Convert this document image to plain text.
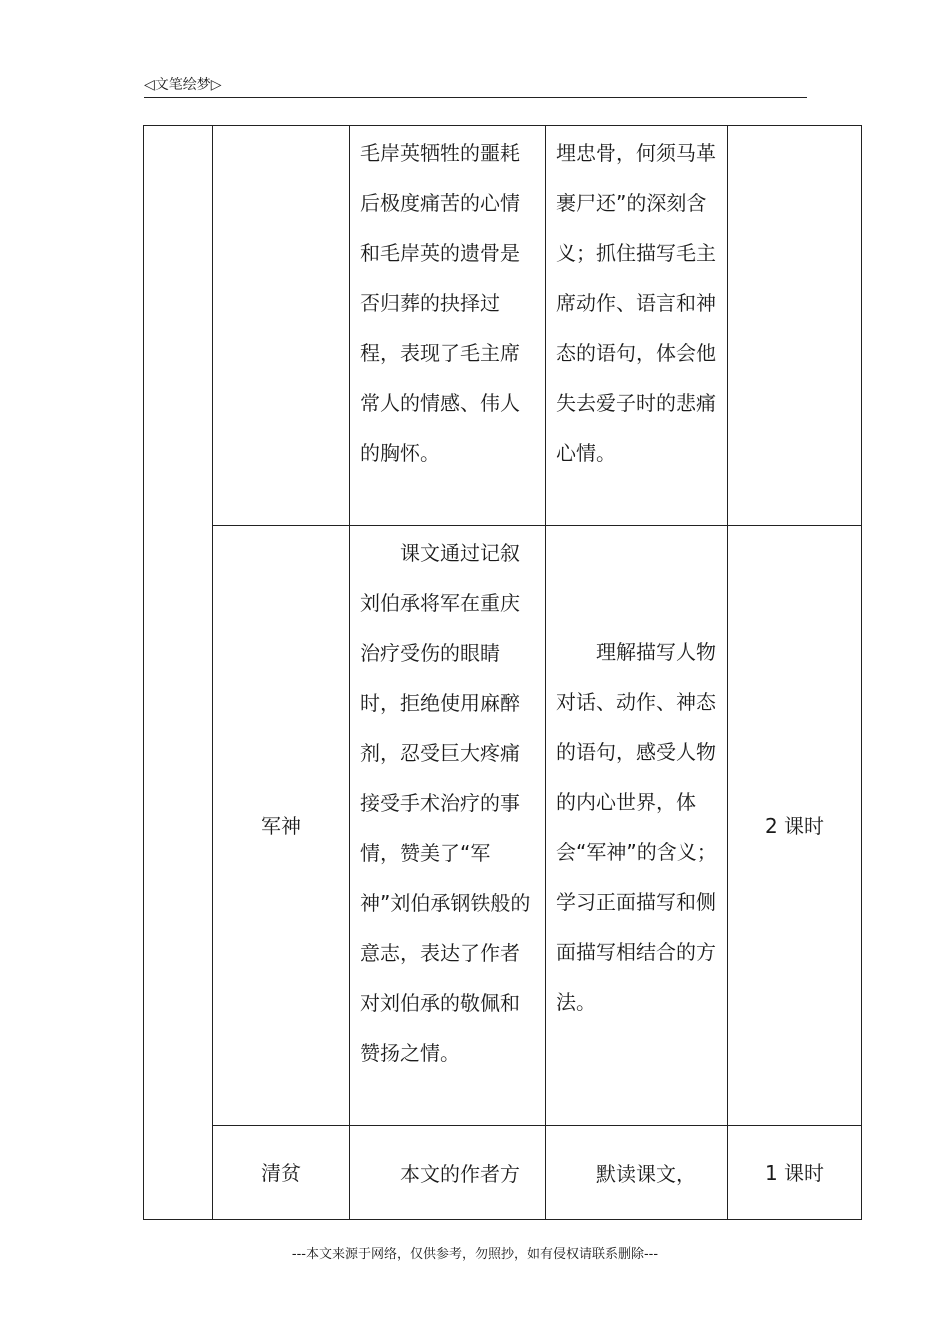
◁文笔绘梦▷
		毛岸英牺牲的噩耗后极度痛苦的心情和毛岸英的遗骨是否归葬的抉择过程，表现了毛主席常人的情感、伟人的胸怀。	埋忠骨，何须马革裹尸还”的深刻含义；抓住描写毛主席动作、语言和神态的语句，体会他失去爱子时的悲痛心情。	
	军神	课文通过记叙刘伯承将军在重庆治疗受伤的眼睛时，拒绝使用麻醉剂，忍受巨大疼痛接受手术治疗的事情，赞美了“军神”刘伯承钢铁般的意志，表达了作者对刘伯承的敬佩和赞扬之情。	理解描写人物对话、动作、神态的语句，感受人物的内心世界，体会“军神”的含义；学习正面描写和侧面描写相结合的方法。	2 课时
	清贫	本文的作者方	默读课文，	1 课时
---本文来源于网络，仅供参考，勿照抄，如有侵权请联系删除---
